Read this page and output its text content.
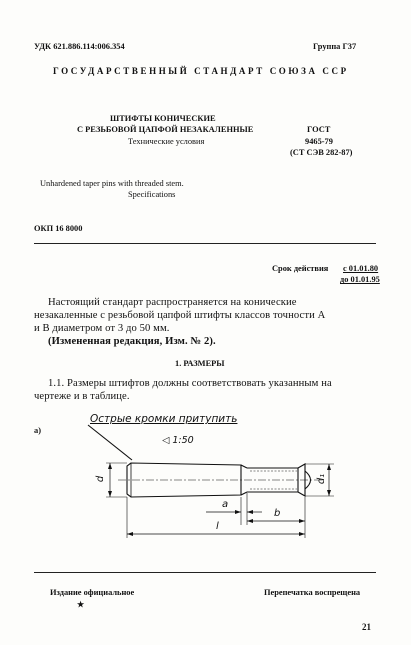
УДК 621.886.114:006.354	Группа Г37
ГОСУДАРСТВЕННЫЙ СТАНДАРТ СОЮЗА ССР
ШТИФТЫ КОНИЧЕСКИЕ
С РЕЗЬБОВОЙ ЦАПФОЙ НЕЗАКАЛЕННЫЕ
Технические условия
ГОСТ
9465-79
(СТ СЭВ 282-87)
Unhardened taper pins with threaded stem.
Specifications
ОКП 16 8000
Срок действия с 01.01.80
до 01.01.95
Настоящий стандарт распространяется на конические
незакаленные с резьбовой цапфой штифты классов точности А
и В диаметром от 3 до 50 мм.
(Измененная редакция, Изм. № 2).
1. РАЗМЕРЫ
1.1. Размеры штифтов должны соответствовать указанным на
чертеже и в таблице.
а)
Острые кромки притупить
◁ 1:50
d	d₁
a
b
l
Издание официальное
★
Перепечатка воспрещена
21
